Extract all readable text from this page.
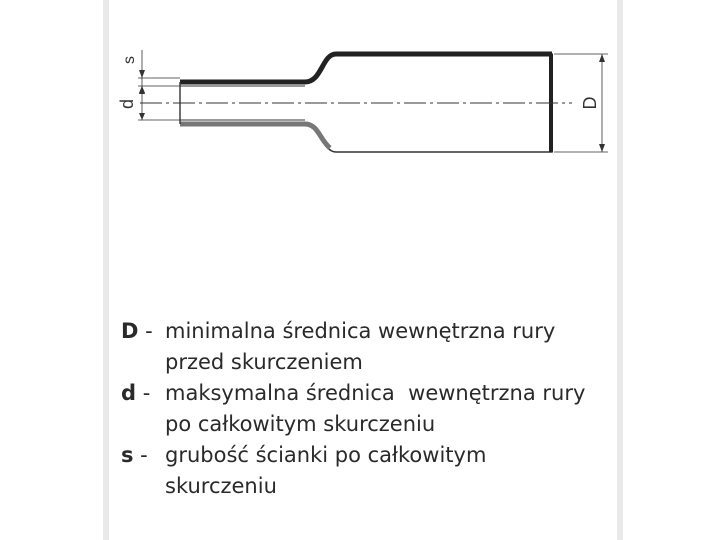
s
d	D
D - minimalna średnica wewnętrzna rury
przed skurczeniem
d - maksymalna średnica  wewnętrzna rury
po całkowitym skurczeniu
s - grubość ścianki po całkowitym
skurczeniu
